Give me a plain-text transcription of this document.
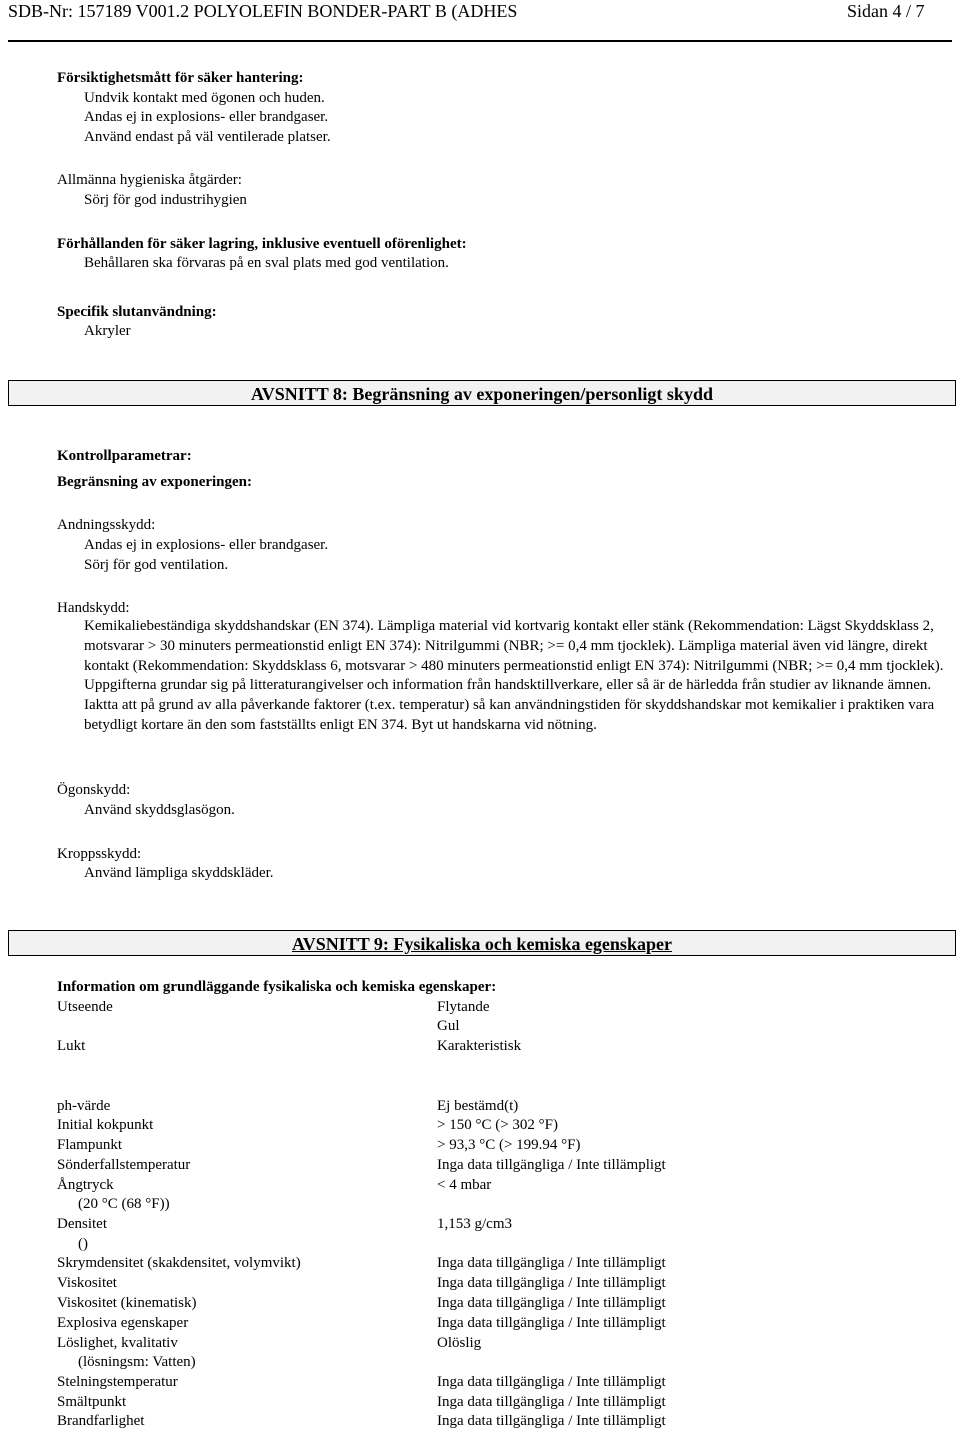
SDB-Nr: 157189 V001.2 POLYOLEFIN BONDER-PART B (ADHES	Sidan 4 / 7
Försiktighetsmått för säker hantering:
Undvik kontakt med ögonen och huden.
Andas ej in explosions- eller brandgaser.
Använd endast på väl ventilerade platser.
Allmänna hygieniska åtgärder:
Sörj för god industrihygien
Förhållanden för säker lagring, inklusive eventuell oförenlighet:
Behållaren ska förvaras på en sval plats med god ventilation.
Specifik slutanvändning:
Akryler
AVSNITT 8: Begränsning av exponeringen/personligt skydd
Kontrollparametrar:
Begränsning av exponeringen:
Andningsskydd:
Andas ej in explosions- eller brandgaser.
Sörj för god ventilation.
Handskydd:
Kemikaliebeständiga skyddshandskar (EN 374). Lämpliga material vid kortvarig kontakt eller stänk (Rekommendation: Lägst Skyddsklass 2, motsvarar > 30 minuters permeationstid enligt EN 374): Nitrilgummi (NBR; >= 0,4 mm tjocklek). Lämpliga material även vid längre, direkt kontakt (Rekommendation: Skyddsklass 6, motsvarar > 480 minuters permeationstid enligt EN 374): Nitrilgummi (NBR; >= 0,4 mm tjocklek). Uppgifterna grundar sig på litteraturangivelser och information från handsktillverkare, eller så är de härledda från studier av liknande ämnen. Iaktta att på grund av alla påverkande faktorer (t.ex. temperatur) så kan användningstiden för skyddshandskar mot kemikalier i praktiken vara betydligt kortare än den som fastställts enligt EN 374. Byt ut handskarna vid nötning.
Ögonskydd:
Använd skyddsglasögon.
Kroppsskydd:
Använd lämpliga skyddskläder.
AVSNITT 9: Fysikaliska och kemiska egenskaper
Information om grundläggande fysikaliska och kemiska egenskaper:
Utseende	Flytande
Gul
Lukt	Karakteristisk
ph-värde	Ej bestämd(t)
Initial kokpunkt	> 150 °C (> 302 °F)
Flampunkt	> 93,3 °C (> 199.94 °F)
Sönderfallstemperatur	Inga data tillgängliga / Inte tillämpligt
Ångtryck	< 4 mbar
(20 °C (68 °F))
Densitet	1,153 g/cm3
()
Skrymdensitet (skakdensitet, volymvikt)	Inga data tillgängliga / Inte tillämpligt
Viskositet	Inga data tillgängliga / Inte tillämpligt
Viskositet (kinematisk)	Inga data tillgängliga / Inte tillämpligt
Explosiva egenskaper	Inga data tillgängliga / Inte tillämpligt
Löslighet, kvalitativ	Olöslig
(lösningsm: Vatten)
Stelningstemperatur	Inga data tillgängliga / Inte tillämpligt
Smältpunkt	Inga data tillgängliga / Inte tillämpligt
Brandfarlighet	Inga data tillgängliga / Inte tillämpligt
